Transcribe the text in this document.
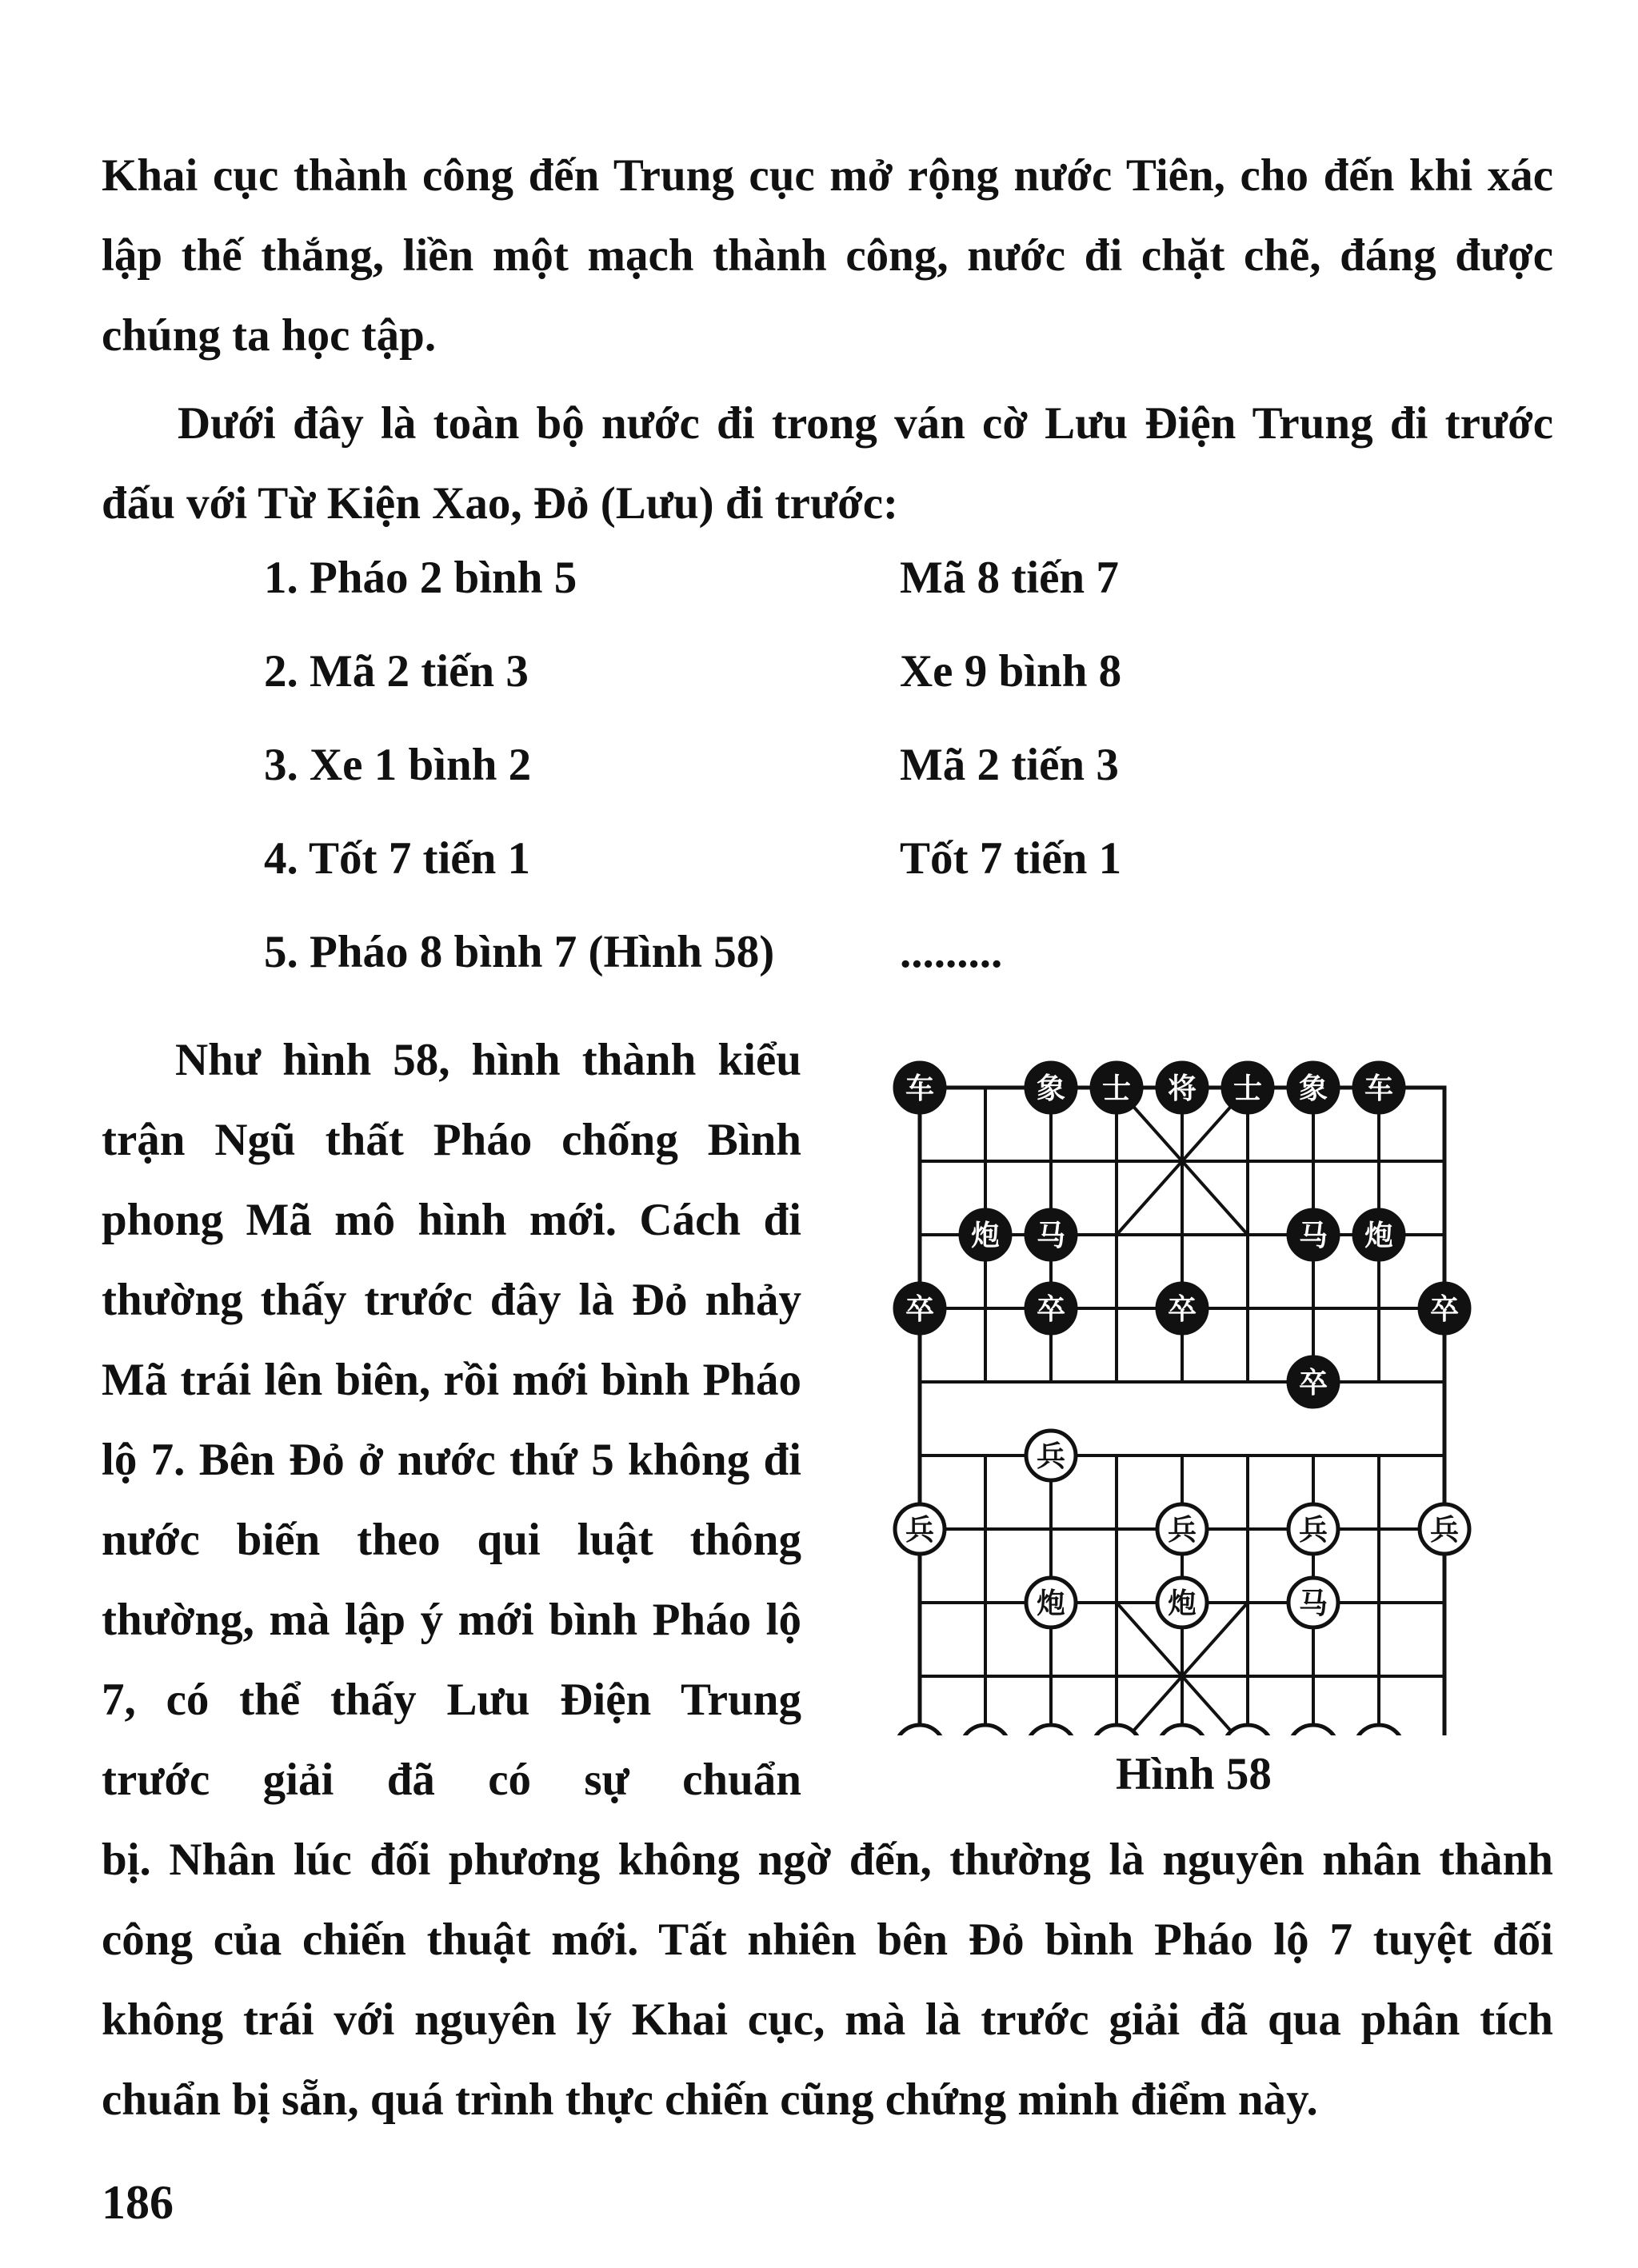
Khai cục thành công đến Trung cục mở rộng nước Tiên, cho đến khi xác lập thế thắng, liền một mạch thành công, nước đi chặt chẽ, đáng được chúng ta học tập.

Dưới đây là toàn bộ nước đi trong ván cờ Lưu Điện Trung đi trước đấu với Từ Kiện Xao, Đỏ (Lưu) đi trước:

1. Pháo 2 bình 5	Mã 8 tiến 7
2. Mã 2 tiến 3	Xe 9 bình 8
3. Xe 1 bình 2	Mã 2 tiến 3
4. Tốt 7 tiến 1	Tốt 7 tiến 1
5. Pháo 8 bình 7 (Hình 58)	.........

Như hình 58, hình thành kiểu trận Ngũ thất Pháo chống Bình phong Mã mô hình mới. Cách đi thường thấy trước đây là Đỏ nhảy Mã trái lên biên, rồi mới bình Pháo lộ 7. Bên Đỏ ở nước thứ 5 không đi nước biến theo qui luật thông thường, mà lập ý mới bình Pháo lộ 7, có thể thấy Lưu Điện Trung trước giải đã có sự chuẩn

车	象 士 将 士 象 车
炮 马	马 炮
卒	卒	卒	卒
卒
兵
兵	兵	兵	兵
炮	炮	马
Hình 58

bị. Nhân lúc đối phương không ngờ đến, thường là nguyên nhân thành công của chiến thuật mới. Tất nhiên bên Đỏ bình Pháo lộ 7 tuyệt đối không trái với nguyên lý Khai cục, mà là trước giải đã qua phân tích chuẩn bị sẵn, quá trình thực chiến cũng chứng minh điểm này.

186
